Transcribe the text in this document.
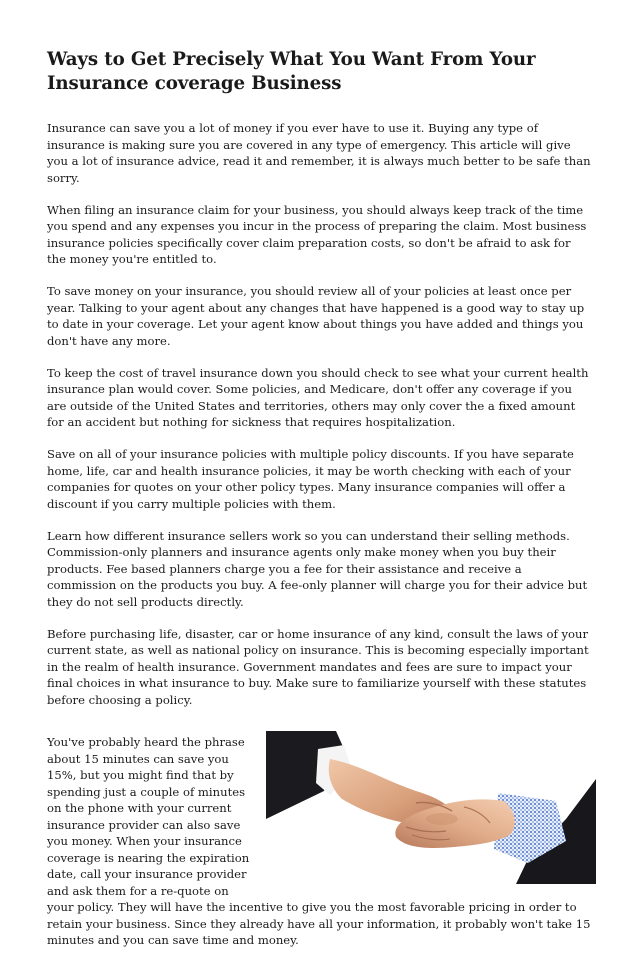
Ways to Get Precisely What You Want From Your Insurance coverage Business

Insurance can save you a lot of money if you ever have to use it. Buying any type of insurance is making sure you are covered in any type of emergency. This article will give you a lot of insurance advice, read it and remember, it is always much better to be safe than sorry.

When filing an insurance claim for your business, you should always keep track of the time you spend and any expenses you incur in the process of preparing the claim. Most business insurance policies specifically cover claim preparation costs, so don't be afraid to ask for the money you're entitled to.

To save money on your insurance, you should review all of your policies at least once per year. Talking to your agent about any changes that have happened is a good way to stay up to date in your coverage. Let your agent know about things you have added and things you don't have any more.

To keep the cost of travel insurance down you should check to see what your current health insurance plan would cover. Some policies, and Medicare, don't offer any coverage if you are outside of the United States and territories, others may only cover the a fixed amount for an accident but nothing for sickness that requires hospitalization.

Save on all of your insurance policies with multiple policy discounts. If you have separate home, life, car and health insurance policies, it may be worth checking with each of your companies for quotes on your other policy types. Many insurance companies will offer a discount if you carry multiple policies with them.

Learn how different insurance sellers work so you can understand their selling methods. Commission-only planners and insurance agents only make money when you buy their products. Fee based planners charge you a fee for their assistance and receive a commission on the products you buy. A fee-only planner will charge you for their advice but they do not sell products directly.

Before purchasing life, disaster, car or home insurance of any kind, consult the laws of your current state, as well as national policy on insurance. This is becoming especially important in the realm of health insurance. Government mandates and fees are sure to impact your final choices in what insurance to buy. Make sure to familiarize yourself with these statutes before choosing a policy.

You've probably heard the phrase about 15 minutes can save you 15%, but you might find that by spending just a couple of minutes on the phone with your current insurance provider can also save you money. When your insurance coverage is nearing the expiration date, call your insurance provider and ask them for a re-quote on your policy. They will have the incentive to give you the most favorable pricing in order to retain your business. Since they already have all your information, it probably won't take 15 minutes and you can save time and money.
